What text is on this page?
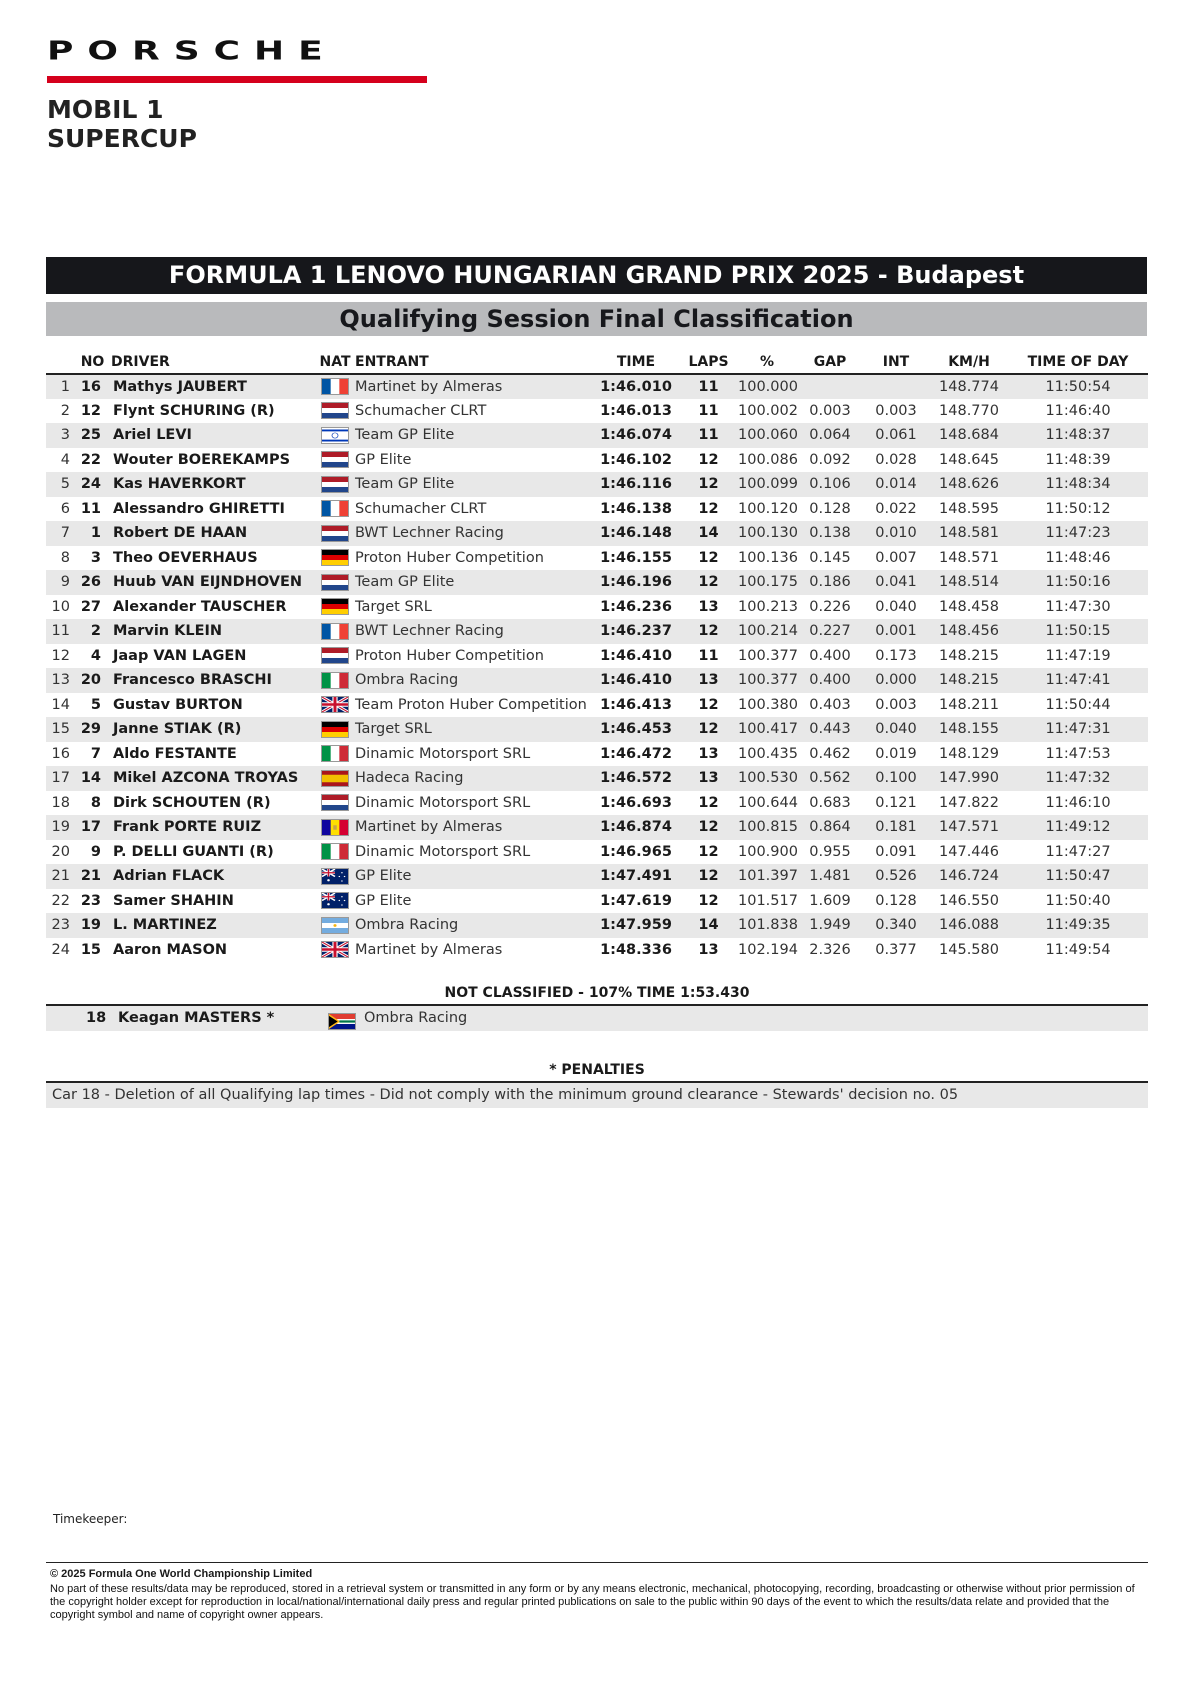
PORSCHE
MOBIL 1
SUPERCUP
FORMULA 1 LENOVO HUNGARIAN GRAND PRIX 2025 - Budapest
Qualifying Session Final Classification
	NO	DRIVER	NAT	ENTRANT	TIME	LAPS	%	GAP	INT	KM/H	TIME OF DAY
1	16	Mathys JAUBERT		Martinet by Almeras	1:46.010	11	100.000			148.774	11:50:54
2	12	Flynt SCHURING (R)		Schumacher CLRT	1:46.013	11	100.002	0.003	0.003	148.770	11:46:40
3	25	Ariel LEVI		Team GP Elite	1:46.074	11	100.060	0.064	0.061	148.684	11:48:37
4	22	Wouter BOEREKAMPS		GP Elite	1:46.102	12	100.086	0.092	0.028	148.645	11:48:39
5	24	Kas HAVERKORT		Team GP Elite	1:46.116	12	100.099	0.106	0.014	148.626	11:48:34
6	11	Alessandro GHIRETTI		Schumacher CLRT	1:46.138	12	100.120	0.128	0.022	148.595	11:50:12
7	1	Robert DE HAAN		BWT Lechner Racing	1:46.148	14	100.130	0.138	0.010	148.581	11:47:23
8	3	Theo OEVERHAUS		Proton Huber Competition	1:46.155	12	100.136	0.145	0.007	148.571	11:48:46
9	26	Huub VAN EIJNDHOVEN		Team GP Elite	1:46.196	12	100.175	0.186	0.041	148.514	11:50:16
10	27	Alexander TAUSCHER		Target SRL	1:46.236	13	100.213	0.226	0.040	148.458	11:47:30
11	2	Marvin KLEIN		BWT Lechner Racing	1:46.237	12	100.214	0.227	0.001	148.456	11:50:15
12	4	Jaap VAN LAGEN		Proton Huber Competition	1:46.410	11	100.377	0.400	0.173	148.215	11:47:19
13	20	Francesco BRASCHI		Ombra Racing	1:46.410	13	100.377	0.400	0.000	148.215	11:47:41
14	5	Gustav BURTON		Team Proton Huber Competition	1:46.413	12	100.380	0.403	0.003	148.211	11:50:44
15	29	Janne STIAK (R)		Target SRL	1:46.453	12	100.417	0.443	0.040	148.155	11:47:31
16	7	Aldo FESTANTE		Dinamic Motorsport SRL	1:46.472	13	100.435	0.462	0.019	148.129	11:47:53
17	14	Mikel AZCONA TROYAS		Hadeca Racing	1:46.572	13	100.530	0.562	0.100	147.990	11:47:32
18	8	Dirk SCHOUTEN (R)		Dinamic Motorsport SRL	1:46.693	12	100.644	0.683	0.121	147.822	11:46:10
19	17	Frank PORTE RUIZ		Martinet by Almeras	1:46.874	12	100.815	0.864	0.181	147.571	11:49:12
20	9	P. DELLI GUANTI (R)		Dinamic Motorsport SRL	1:46.965	12	100.900	0.955	0.091	147.446	11:47:27
21	21	Adrian FLACK		GP Elite	1:47.491	12	101.397	1.481	0.526	146.724	11:50:47
22	23	Samer SHAHIN		GP Elite	1:47.619	12	101.517	1.609	0.128	146.550	11:50:40
23	19	L. MARTINEZ		Ombra Racing	1:47.959	14	101.838	1.949	0.340	146.088	11:49:35
24	15	Aaron MASON		Martinet by Almeras	1:48.336	13	102.194	2.326	0.377	145.580	11:49:54
NOT CLASSIFIED - 107% TIME 1:53.430
18 Keagan MASTERS *	Ombra Racing
* PENALTIES
Car 18 - Deletion of all Qualifying lap times - Did not comply with the minimum ground clearance - Stewards' decision no. 05
Timekeeper:
© 2025 Formula One World Championship Limited
No part of these results/data may be reproduced, stored in a retrieval system or transmitted in any form or by any means electronic, mechanical, photocopying, recording, broadcasting or otherwise without prior permission of the copyright holder except for reproduction in local/national/international daily press and regular printed publications on sale to the public within 90 days of the event to which the results/data relate and provided that the copyright symbol and name of copyright owner appears.
